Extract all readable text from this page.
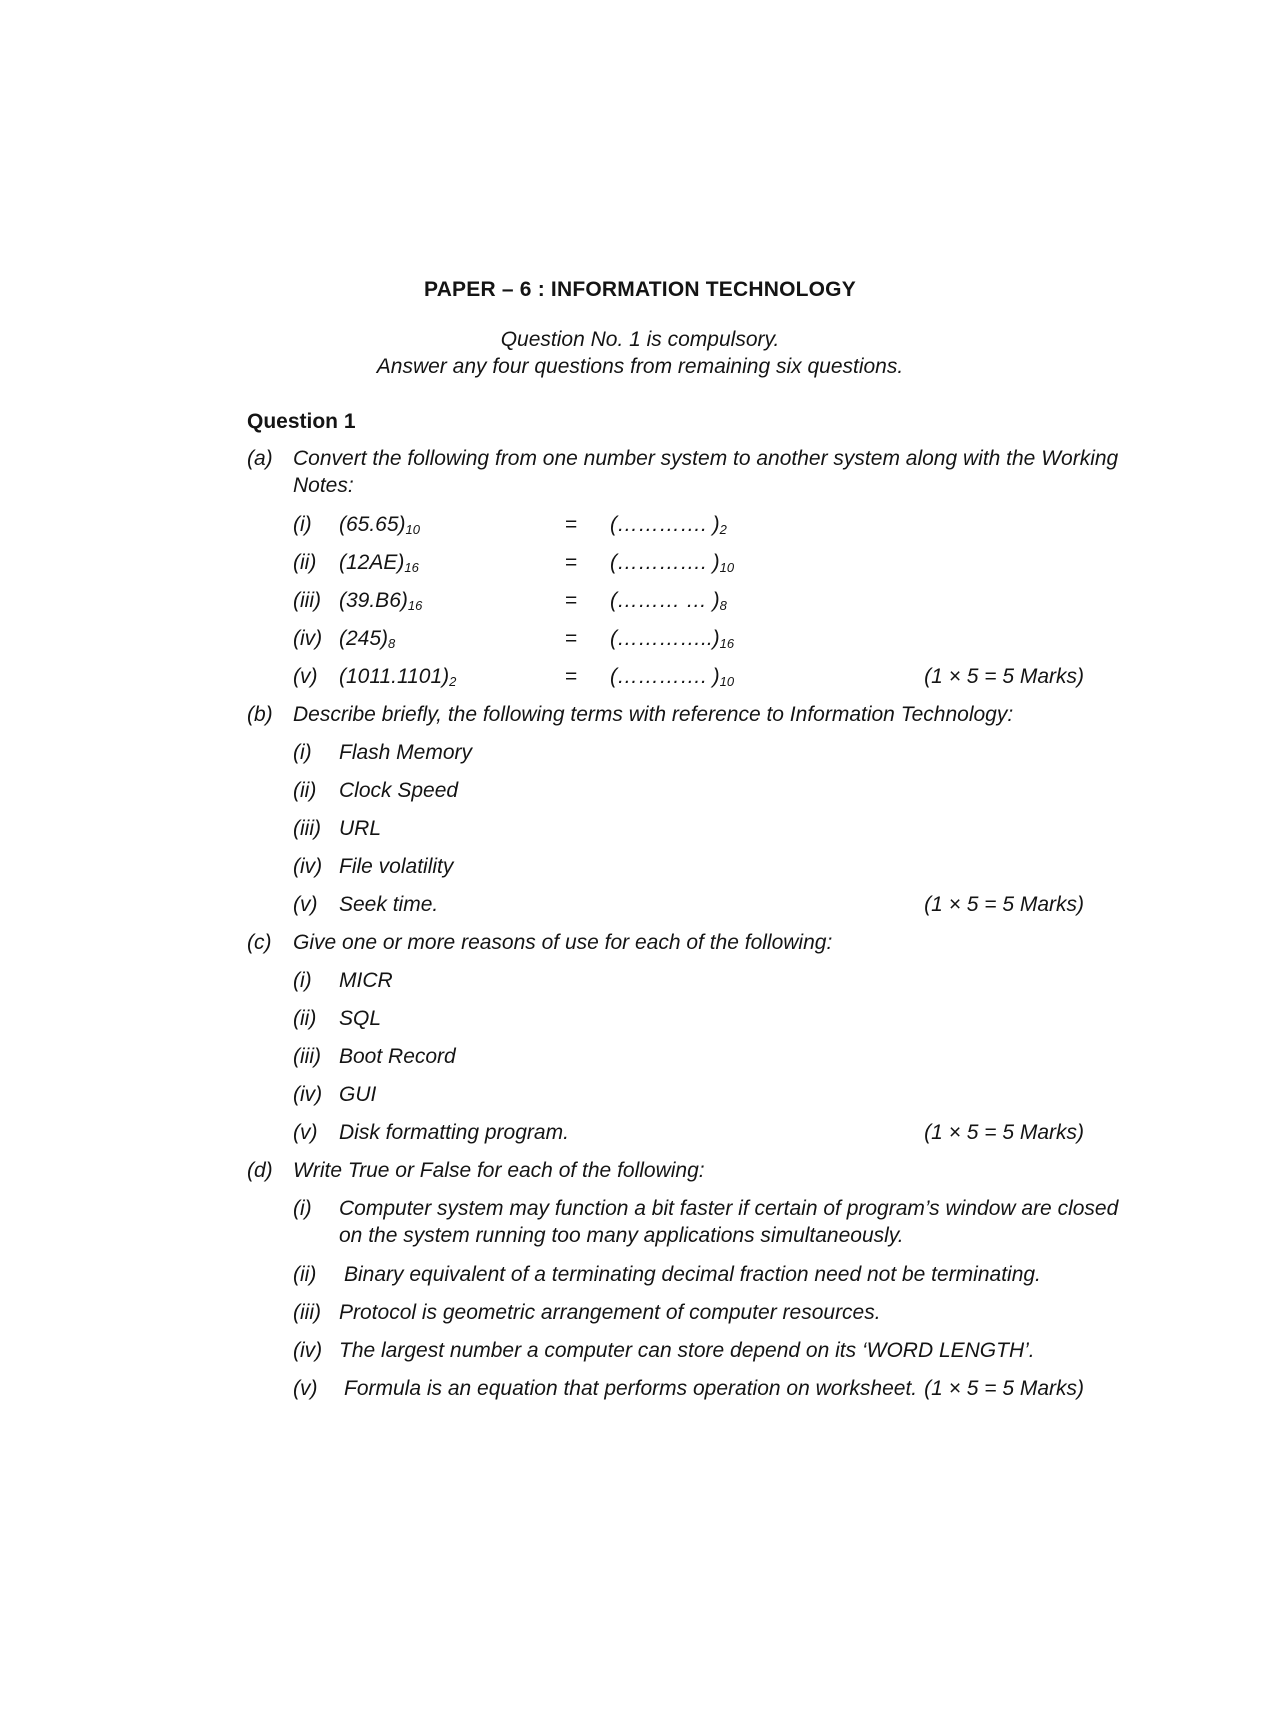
PAPER – 6 : INFORMATION TECHNOLOGY
Question No. 1 is compulsory.
Answer any four questions from remaining six questions.
Question 1
(a) Convert the following from one number system to another system along with the Working
Notes:
(i) $(65.65)_{10}$	= (…………. )$_2$
(ii) $(12AE)_{16}$	= (…………. )$_{10}$
(iii) $(39.B6)_{16}$	= (……… … )$_8$
(iv) $(245)_8$	= $(\dots\dots\dots\dots..)_{16}$
(v) $(1011.1101)_2$	= (…………. )$_{10}$	(1 × 5 = 5 Marks)
(b) Describe briefly, the following terms with reference to Information Technology:
(i) Flash Memory
(ii) Clock Speed
(iii) URL
(iv) File volatility
(v) Seek time.	(1 × 5 = 5 Marks)
(c) Give one or more reasons of use for each of the following:
(i) MICR
(ii) SQL
(iii) Boot Record
(iv) GUI
(v) Disk formatting program.	(1 × 5 = 5 Marks)
(d) Write True or False for each of the following:
(i) Computer system may function a bit faster if certain of program’s window are closed
on the system running too many applications simultaneously.
(ii) Binary equivalent of a terminating decimal fraction need not be terminating.
(iii) Protocol is geometric arrangement of computer resources.
(iv) The largest number a computer can store depend on its ‘WORD LENGTH’.
(v) Formula is an equation that performs operation on worksheet. (1 × 5 = 5 Marks)
